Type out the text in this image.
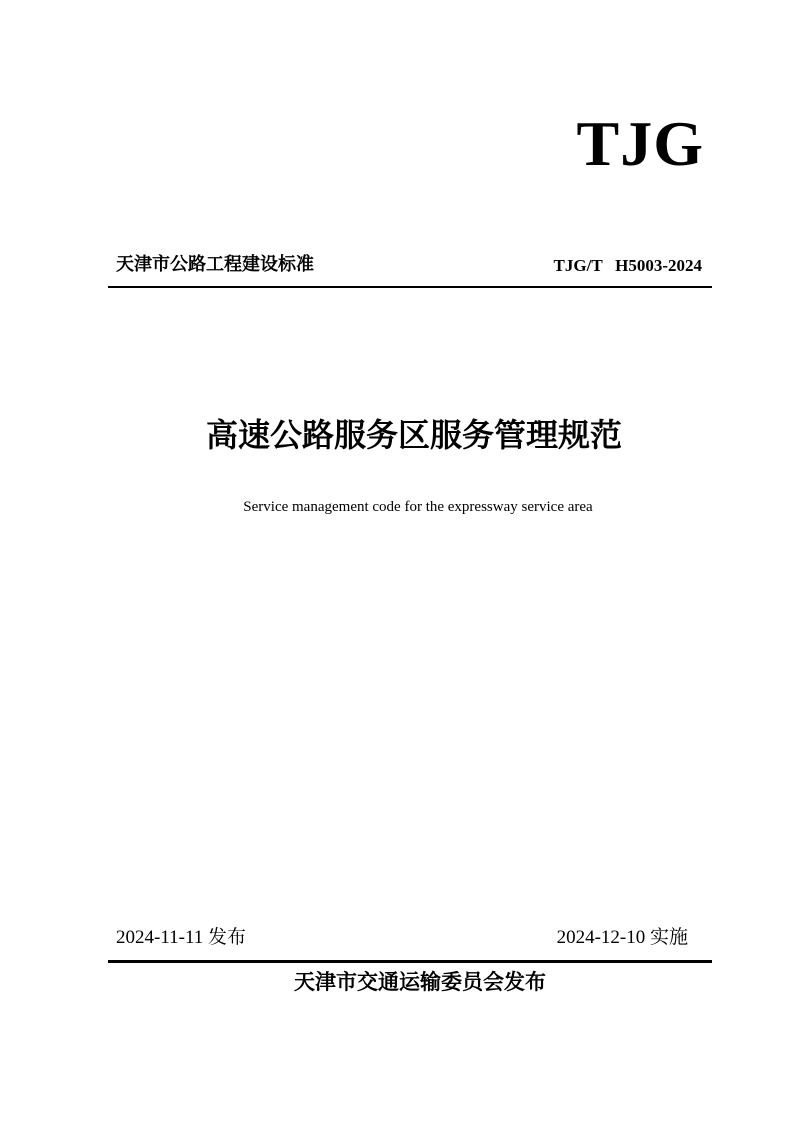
TJG
天津市公路工程建设标准	TJG/T   H5003-2024
高速公路服务区服务管理规范
Service management code for the expressway service area
2024-11-11 发布	2024-12-10 实施
天津市交通运输委员会发布
